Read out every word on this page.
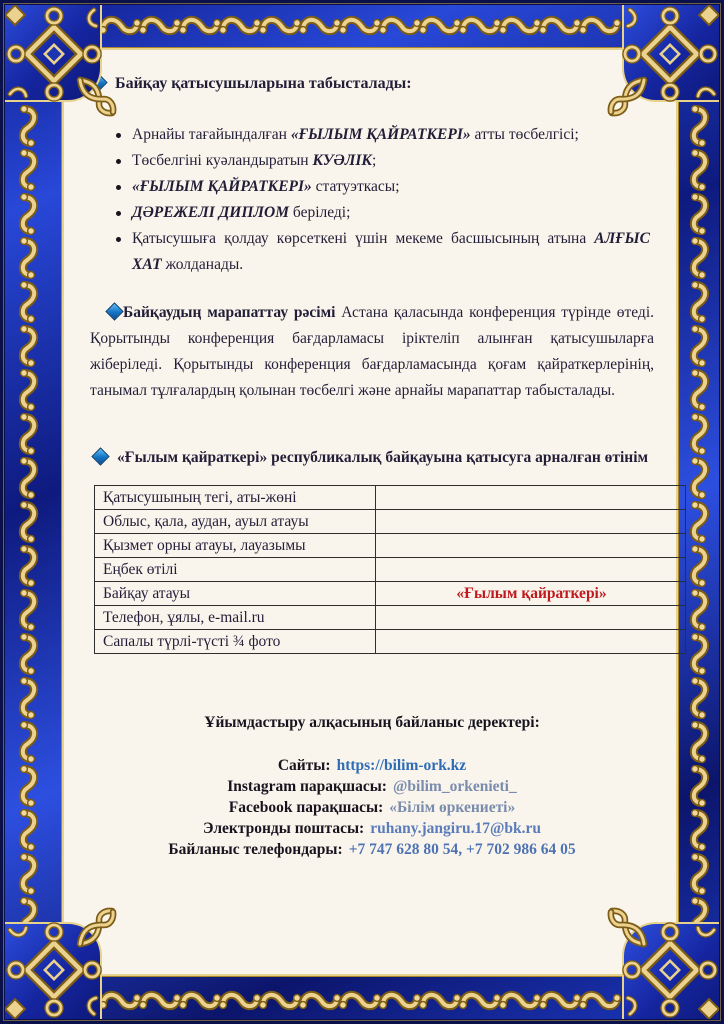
Байқау қатысушыларына табысталады:
Арнайы тағайындалған «ҒЫЛЫМ ҚАЙРАТКЕРІ» атты төсбелгісі;
Төсбелгіні куәландыратын КУӘЛІК;
«ҒЫЛЫМ ҚАЙРАТКЕРІ» статуэткасы;
ДӘРЕЖЕЛІ ДИПЛОМ беріледі;
Қатысушыға қолдау көрсеткені үшін мекеме басшысының атына АЛҒЫС ХАТ жолданады.

Байқаудың марапаттау рәсімі Астана қаласында конференция түрінде өтеді. Қорытынды конференция бағдарламасы іріктеліп алынған қатысушыларға жіберіледі. Қорытынды конференция бағдарламасында қоғам қайраткерлерінің, танымал тұлғалардың қолынан төсбелгі және арнайы марапаттар табысталады.

«Ғылым қайраткері» республикалық байқауына қатысуга арналған өтінім
Қатысушының тегі, аты-жөні	
Облыс, қала, аудан, ауыл атауы	
Қызмет орны атауы, лауазымы	
Еңбек өтілі	
Байқау атауы	«Ғылым қайраткері»
Телефон, ұялы, e-mail.ru	
Сапалы түрлі-түсті ¾ фото	
Ұйымдастыру алқасының байланыс деректері:
Сайты: https://bilim-ork.kz
Instagram парақшасы: @bilim_orkenieti_
Facebook парақшасы: «Білім өркениеті»
Электронды поштасы: ruhany.jangiru.17@bk.ru
Байланыс телефондары: +7 747 628 80 54, +7 702 986 64 05
